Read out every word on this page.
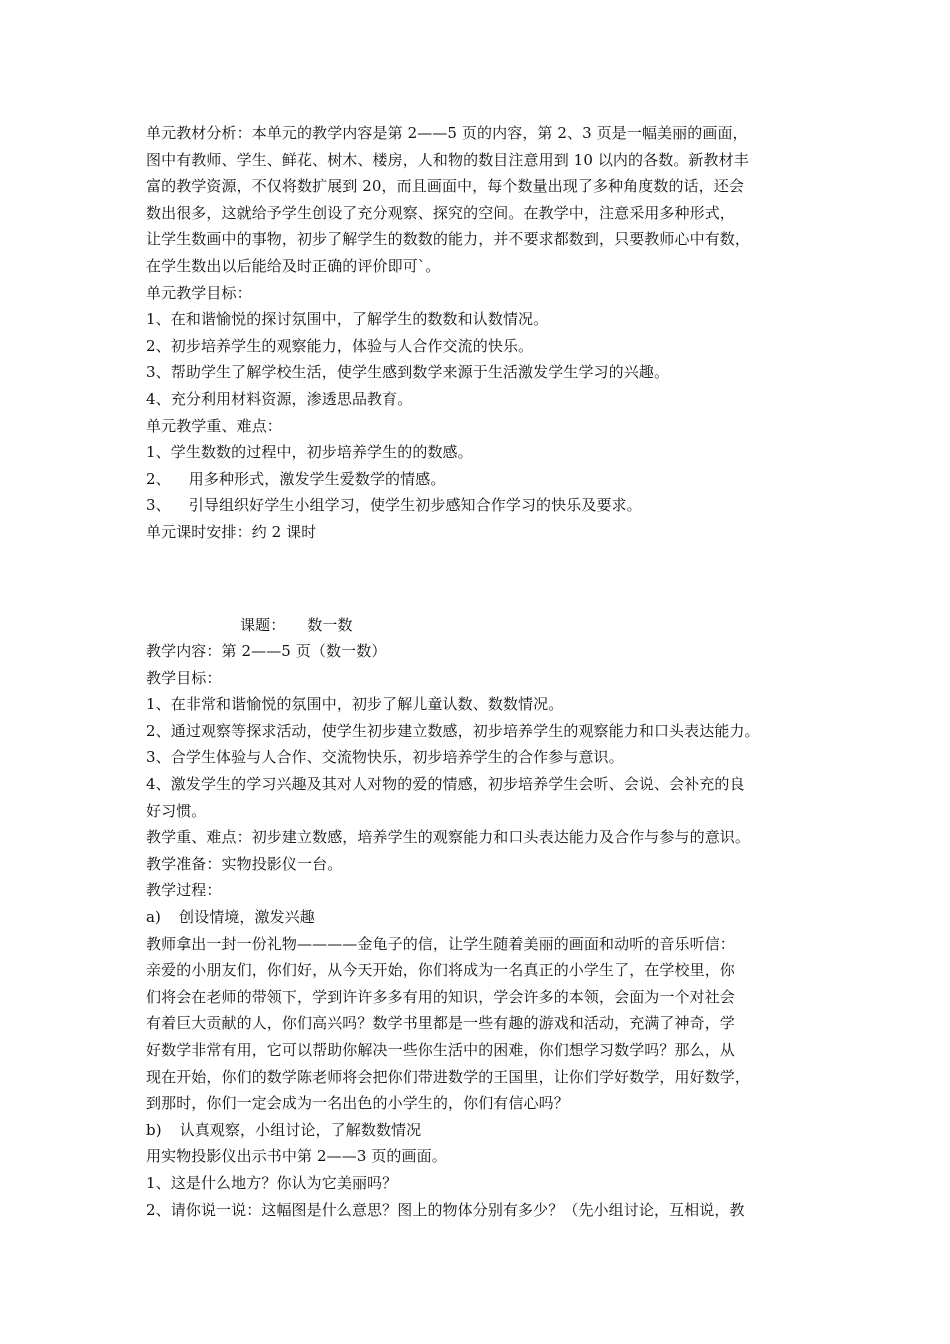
单元教材分析：本单元的教学内容是第 2——5 页的内容，第 2、3 页是一幅美丽的画面，
图中有教师、学生、鲜花、树木、楼房，人和物的数目注意用到 10 以内的各数。新教材丰
富的教学资源，不仅将数扩展到 20，而且画面中，每个数量出现了多种角度数的话，还会
数出很多，这就给予学生创设了充分观察、探究的空间。在教学中，注意采用多种形式，
让学生数画中的事物，初步了解学生的数数的能力，并不要求都数到，只要教师心中有数，
在学生数出以后能给及时正确的评价即可`。
单元教学目标：
1、在和谐愉悦的探讨氛围中，了解学生的数数和认数情况。
2、初步培养学生的观察能力，体验与人合作交流的快乐。
3、帮助学生了解学校生活，使学生感到数学来源于生活激发学生学习的兴趣。
4、充分利用材料资源，渗透思品教育。
单元教学重、难点：
1、学生数数的过程中，初步培养学生的的数感。
2、 用多种形式，激发学生爱数学的情感。
3、 引导组织好学生小组学习，使学生初步感知合作学习的快乐及要求。
单元课时安排：约 2 课时
课题： 数一数
教学内容：第 2——5 页（数一数）
教学目标：
1、在非常和谐愉悦的氛围中，初步了解儿童认数、数数情况。
2、通过观察等探求活动，使学生初步建立数感，初步培养学生的观察能力和口头表达能力。
3、合学生体验与人合作、交流物快乐，初步培养学生的合作参与意识。
4、激发学生的学习兴趣及其对人对物的爱的情感，初步培养学生会听、会说、会补充的良
好习惯。
教学重、难点：初步建立数感，培养学生的观察能力和口头表达能力及合作与参与的意识。
教学准备：实物投影仪一台。
教学过程：
a) 创设情境，激发兴趣
教师拿出一封一份礼物————金龟子的信，让学生随着美丽的画面和动听的音乐听信：
亲爱的小朋友们，你们好，从今天开始，你们将成为一名真正的小学生了，在学校里，你
们将会在老师的带领下，学到许许多多有用的知识，学会许多的本领，会面为一个对社会
有着巨大贡献的人，你们高兴吗？数学书里都是一些有趣的游戏和活动，充满了神奇，学
好数学非常有用，它可以帮助你解决一些你生活中的困难，你们想学习数学吗？那么，从
现在开始，你们的数学陈老师将会把你们带进数学的王国里，让你们学好数学，用好数学，
到那时，你们一定会成为一名出色的小学生的，你们有信心吗？
b) 认真观察，小组讨论，了解数数情况
用实物投影仪出示书中第 2——3 页的画面。
1、这是什么地方？你认为它美丽吗？
2、请你说一说：这幅图是什么意思？图上的物体分别有多少？（先小组讨论，互相说，教
